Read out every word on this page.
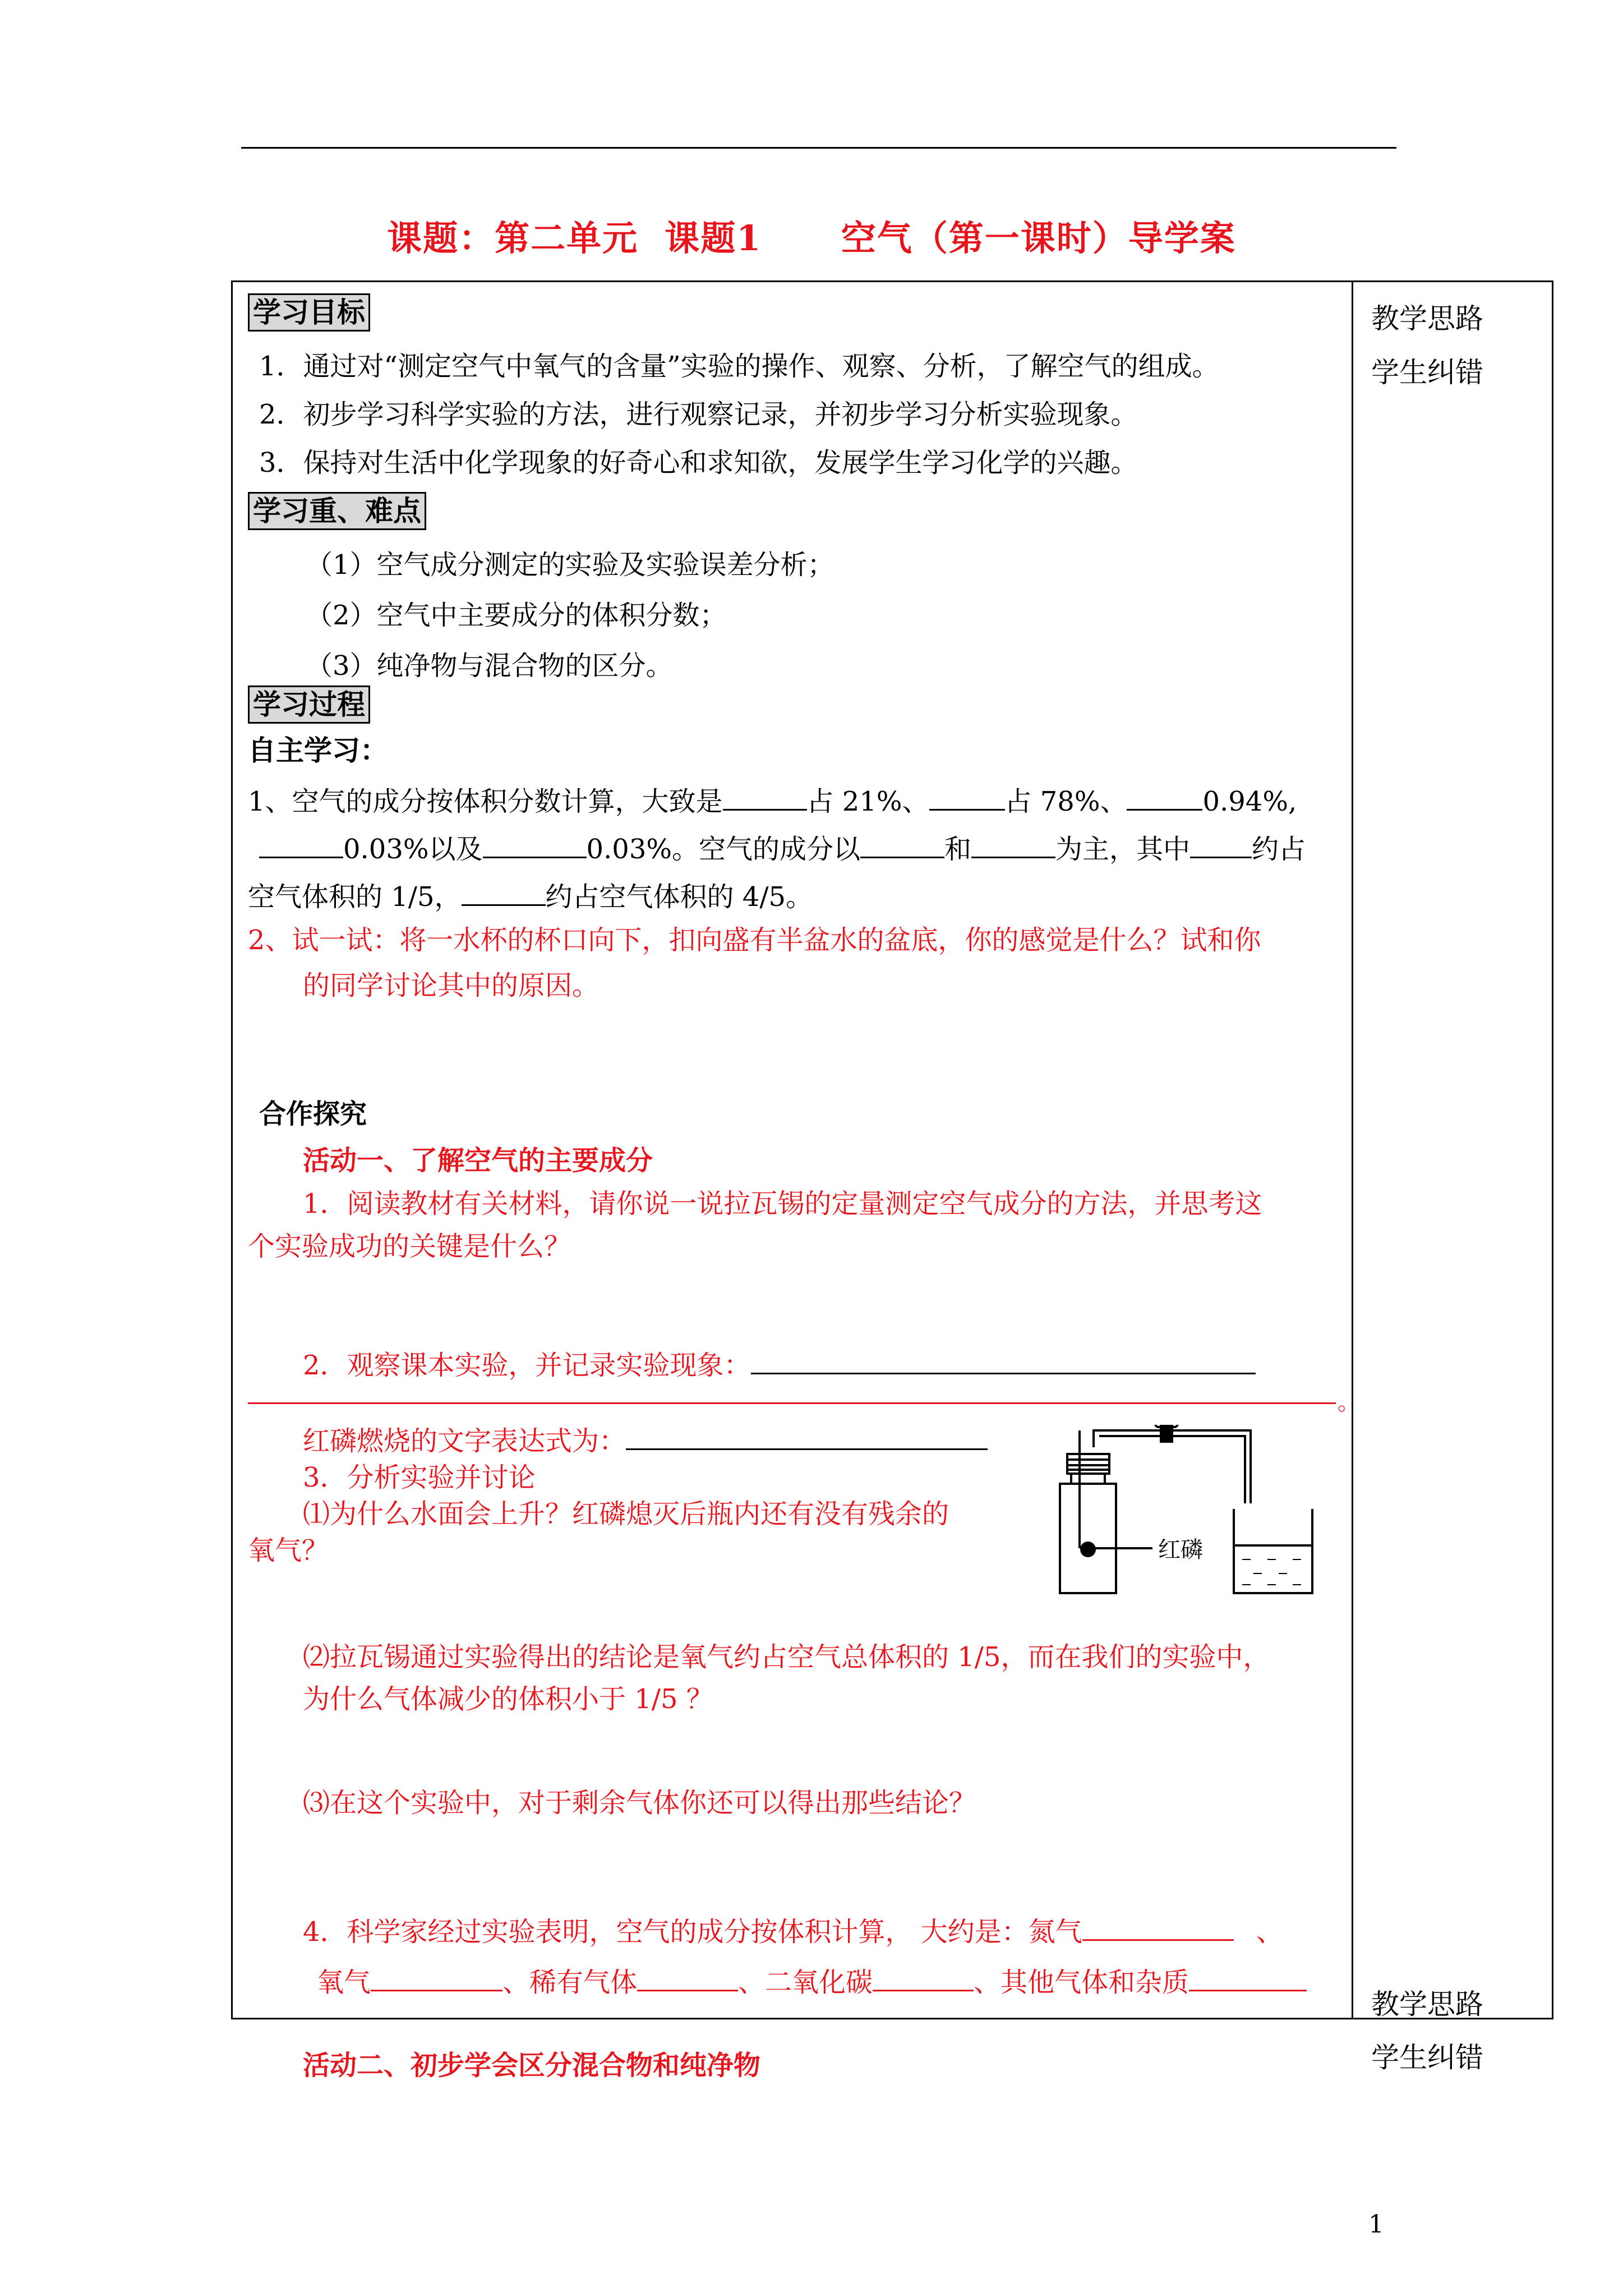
课题：第二单元  课题1      空气（第一课时）导学案
教学思路
学生纠错
教学思路
学生纠错
学习目标
1．通过对“测定空气中氧气的含量”实验的操作、观察、分析，了解空气的组成。
2．初步学习科学实验的方法，进行观察记录，并初步学习分析实验现象。
3．保持对生活中化学现象的好奇心和求知欲，发展学生学习化学的兴趣。
学习重、难点
（1）空气成分测定的实验及实验误差分析；
（2）空气中主要成分的体积分数；
（3）纯净物与混合物的区分。
学习过程
自主学习：
1、空气的成分按体积分数计算，大致是	占 21%、	占 78%、	0.94%,
0.03%以及	0.03%。空气的成分以	和	为主，其中 约占
空气体积的 1/5，	约占空气体积的 4/5。
2、试一试：将一水杯的杯口向下，扣向盛有半盆水的盆底，你的感觉是什么？试和你
的同学讨论其中的原因。
合作探究
活动一、了解空气的主要成分
1．阅读教材有关材料，请你说一说拉瓦锡的定量测定空气成分的方法，并思考这
个实验成功的关键是什么？
2．观察课本实验，并记录实验现象：
。
红磷燃烧的文字表达式为：
3．分析实验并讨论
⑴为什么水面会上升？红磷熄灭后瓶内还有没有残余的
氧气？	红磷
⑵拉瓦锡通过实验得出的结论是氧气约占空气总体积的 1/5，而在我们的实验中，
为什么气体减少的体积小于 1/5 ？
⑶在这个实验中，对于剩余气体你还可以得出那些结论？
4．科学家经过实验表明，空气的成分按体积计算， 大约是：氮气	、
氧气	、稀有气体	、二氧化碳	、其他气体和杂质
活动二、初步学会区分混合物和纯净物
1
